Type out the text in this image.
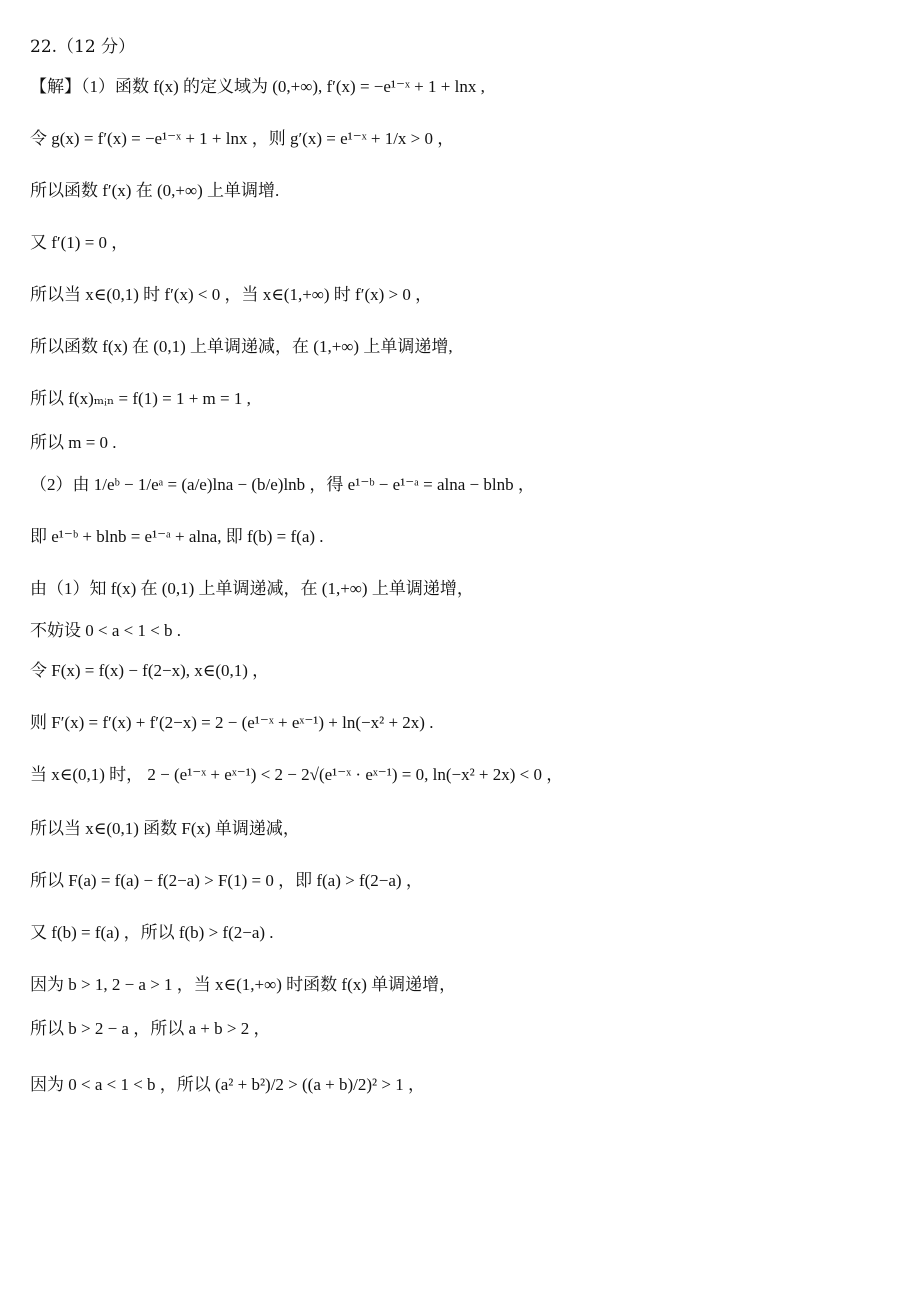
22.（12 分）
【解】（1）函数 f(x) 的定义域为 (0,+∞), f′(x) = −e¹⁻ˣ + 1 + lnx ,
令 g(x) = f′(x) = −e¹⁻ˣ + 1 + lnx ，则 g′(x) = e¹⁻ˣ + 1/x > 0 ，
所以函数 f′(x) 在 (0,+∞) 上单调增.
又 f′(1) = 0 ，
所以当 x∈(0,1) 时 f′(x) < 0 ，当 x∈(1,+∞) 时 f′(x) > 0 ，
所以函数 f(x) 在 (0,1) 上单调递减，在 (1,+∞) 上单调递增,
所以 f(x)ₘᵢₙ = f(1) = 1 + m = 1 ,
所以 m = 0 .
（2）由 1/eᵇ − 1/eᵃ = (a/e)lna − (b/e)lnb ，得 e¹⁻ᵇ − e¹⁻ᵃ = alna − blnb ，
即 e¹⁻ᵇ + blnb = e¹⁻ᵃ + alna, 即 f(b) = f(a) .
由（1）知 f(x) 在 (0,1) 上单调递减，在 (1,+∞) 上单调递增，
不妨设 0 < a < 1 < b .
令 F(x) = f(x) − f(2−x), x∈(0,1) ，
则 F′(x) = f′(x) + f′(2−x) = 2 − (e¹⁻ˣ + eˣ⁻¹) + ln(−x² + 2x) .
当 x∈(0,1) 时， 2 − (e¹⁻ˣ + eˣ⁻¹) < 2 − 2√(e¹⁻ˣ · eˣ⁻¹) = 0, ln(−x² + 2x) < 0 ，
所以当 x∈(0,1) 函数 F(x) 单调递减，
所以 F(a) = f(a) − f(2−a) > F(1) = 0 ，即 f(a) > f(2−a) ，
又 f(b) = f(a) ，所以 f(b) > f(2−a) .
因为 b > 1, 2 − a > 1 ，当 x∈(1,+∞) 时函数 f(x) 单调递增，
所以 b > 2 − a ，所以 a + b > 2 ，
因为 0 < a < 1 < b ，所以 (a² + b²)/2 > ((a + b)/2)² > 1 ，
